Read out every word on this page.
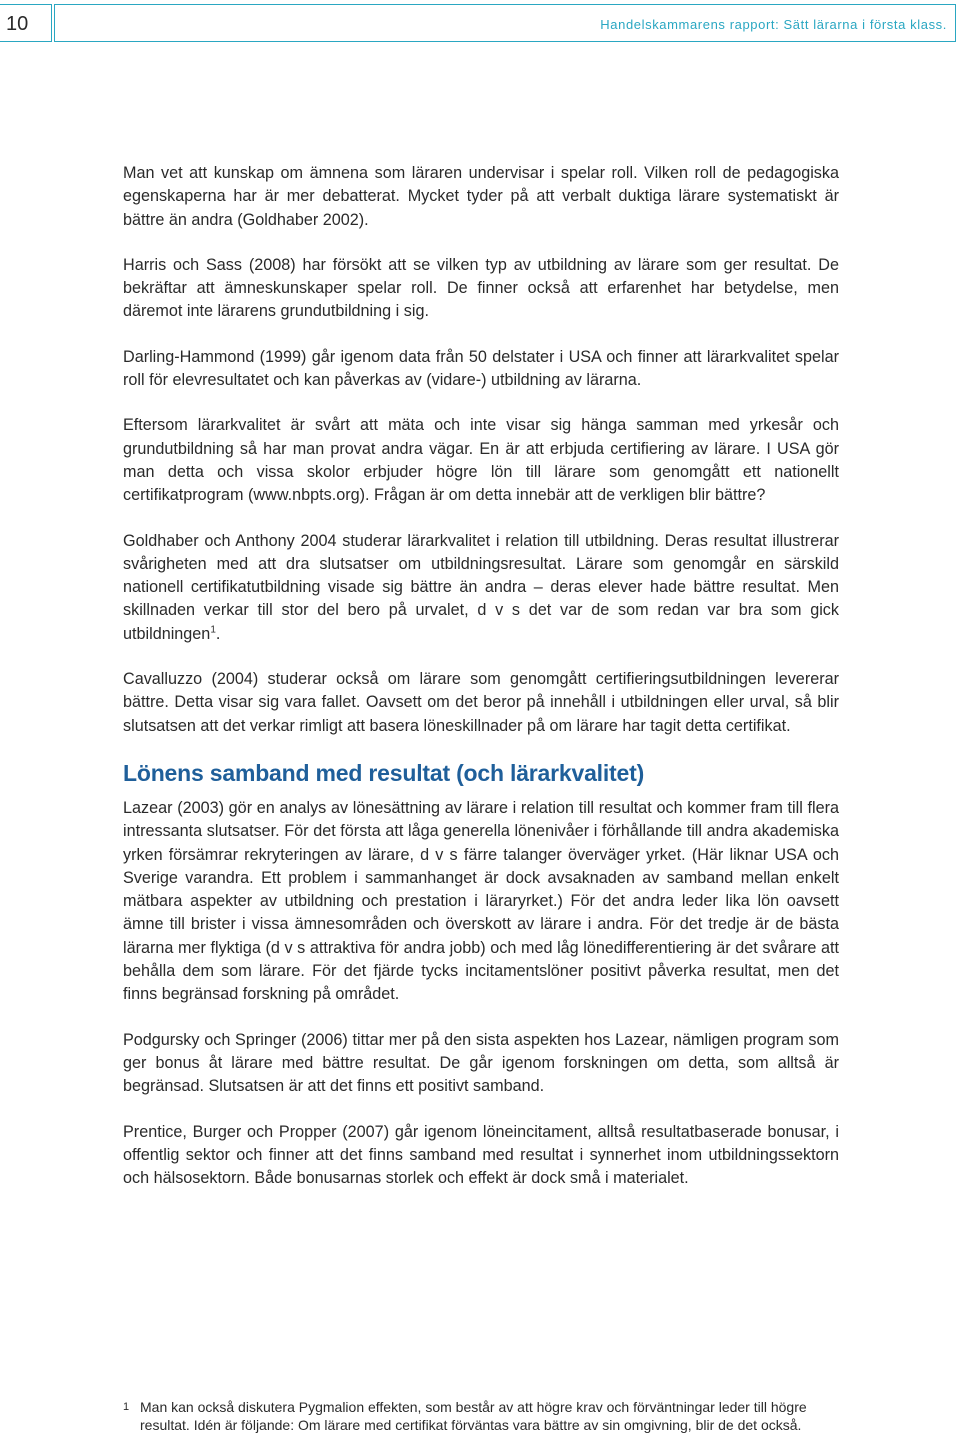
10	Handelskammarens rapport: Sätt lärarna i första klass.

Man vet att kunskap om ämnena som läraren undervisar i spelar roll. Vilken roll de pedagogiska egenskaperna har är mer debatterat. Mycket tyder på att verbalt duktiga lärare systematiskt är bättre än andra (Goldhaber 2002).

Harris och Sass (2008) har försökt att se vilken typ av utbildning av lärare som ger resultat. De bekräftar att ämneskunskaper spelar roll. De finner också att erfarenhet har betydelse, men däremot inte lärarens grundutbildning i sig.

Darling-Hammond (1999) går igenom data från 50 delstater i USA och finner att lärarkvalitet spelar roll för elevresultatet och kan påverkas av (vidare-) utbildning av lärarna.

Eftersom lärarkvalitet är svårt att mäta och inte visar sig hänga samman med yrkesår och grundutbildning så har man provat andra vägar. En är att erbjuda certifiering av lärare. I USA gör man detta och vissa skolor erbjuder högre lön till lärare som genomgått ett nationellt certifikatprogram (www.nbpts.org). Frågan är om detta innebär att de verkligen blir bättre?

Goldhaber och Anthony 2004 studerar lärarkvalitet i relation till utbildning. Deras resultat illustrerar svårigheten med att dra slutsatser om utbildningsresultat. Lärare som genomgår en särskild nationell certifikatutbildning visade sig bättre än andra – deras elever hade bättre resultat. Men skillnaden verkar till stor del bero på urvalet, d v s det var de som redan var bra som gick utbildningen$^1$.

Cavalluzzo (2004) studerar också om lärare som genomgått certifieringsutbildningen levererar bättre. Detta visar sig vara fallet. Oavsett om det beror på innehåll i utbildningen eller urval, så blir slutsatsen att det verkar rimligt att basera löneskillnader på om lärare har tagit detta certifikat.

Lönens samband med resultat (och lärarkvalitet)

Lazear (2003) gör en analys av lönesättning av lärare i relation till resultat och kommer fram till flera intressanta slutsatser. För det första att låga generella lönenivåer i förhållande till andra akademiska yrken försämrar rekryteringen av lärare, d v s färre talanger överväger yrket. (Här liknar USA och Sverige varandra. Ett problem i sammanhanget är dock avsaknaden av samband mellan enkelt mätbara aspekter av utbildning och prestation i läraryrket.) För det andra leder lika lön oavsett ämne till brister i vissa ämnesområden och överskott av lärare i andra. För det tredje är de bästa lärarna mer flyktiga (d v s attraktiva för andra jobb) och med låg lönedifferentiering är det svårare att behålla dem som lärare. För det fjärde tycks incitamentslöner positivt påverka resultat, men det finns begränsad forskning på området.

Podgursky och Springer (2006) tittar mer på den sista aspekten hos Lazear, nämligen program som ger bonus åt lärare med bättre resultat. De går igenom forskningen om detta, som alltså är begränsad. Slutsatsen är att det finns ett positivt samband.

Prentice, Burger och Propper (2007) går igenom löneincitament, alltså resultatbaserade bonusar, i offentlig sektor och finner att det finns samband med resultat i synnerhet inom utbildningssektorn och hälsosektorn. Både bonusarnas storlek och effekt är dock små i materialet.

1 Man kan också diskutera Pygmalion effekten, som består av att högre krav och förväntningar leder till högre resultat. Idén är följande: Om lärare med certifikat förväntas vara bättre av sin omgivning, blir de det också.
